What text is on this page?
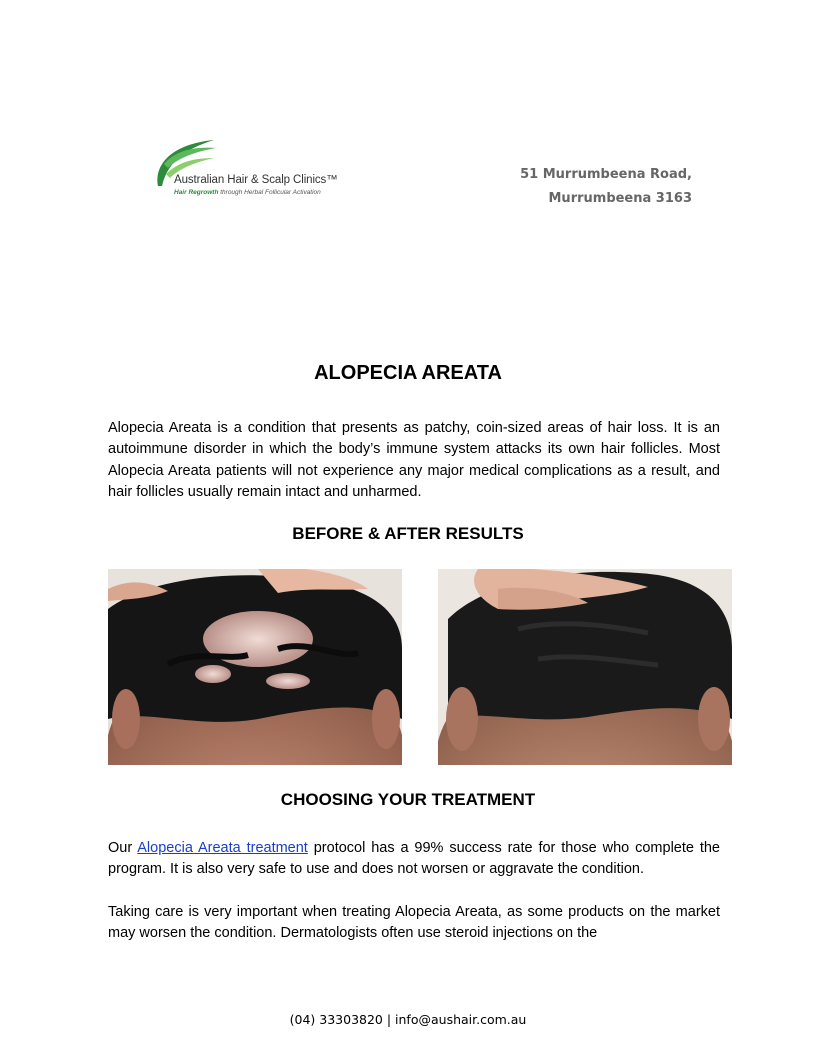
Australian Hair & Scalp Clinics™
Hair Regrowth through Herbal Follicular Activation
51 Murrumbeena Road,
Murrumbeena 3163
ALOPECIA AREATA

Alopecia Areata is a condition that presents as patchy, coin-sized areas of hair loss. It is an autoimmune disorder in which the body’s immune system attacks its own hair follicles. Most Alopecia Areata patients will not experience any major medical complications as a result, and hair follicles usually remain intact and unharmed.

BEFORE & AFTER RESULTS
CHOOSING YOUR TREATMENT

Our Alopecia Areata treatment protocol has a 99% success rate for those who complete the program. It is also very safe to use and does not worsen or aggravate the condition.

Taking care is very important when treating Alopecia Areata, as some products on the market may worsen the condition. Dermatologists often use steroid injections on the

(04) 33303820 | info@aushair.com.au
